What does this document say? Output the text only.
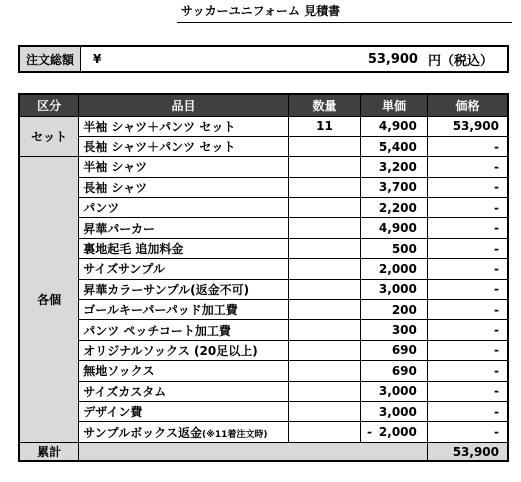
サッカーユニフォーム 見積書
注文総額	¥	53,900 円（税込）
区分	品目	数量	単価	価格
セット	半袖 シャツ＋パンツ セット	11	4,900	53,900
	長袖 シャツ＋パンツ セット		5,400	-
各個	半袖 シャツ		3,200	-
	長袖 シャツ		3,700	-
	パンツ		2,200	-
	昇華パーカー		4,900	-
	裏地起毛 追加料金		500	-
	サイズサンプル		2,000	-
	昇華カラーサンプル(返金不可)		3,000	-
	ゴールキーパーパッド加工費		200	-
	パンツ ペッチコート加工費		300	-
	オリジナルソックス (20足以上)		690	-
	無地ソックス		690	-
	サイズカスタム		3,000	-
	デザイン費		3,000	-
	サンプルボックス返金(※11着注文時)		- 2,000	-
累計				53,900
